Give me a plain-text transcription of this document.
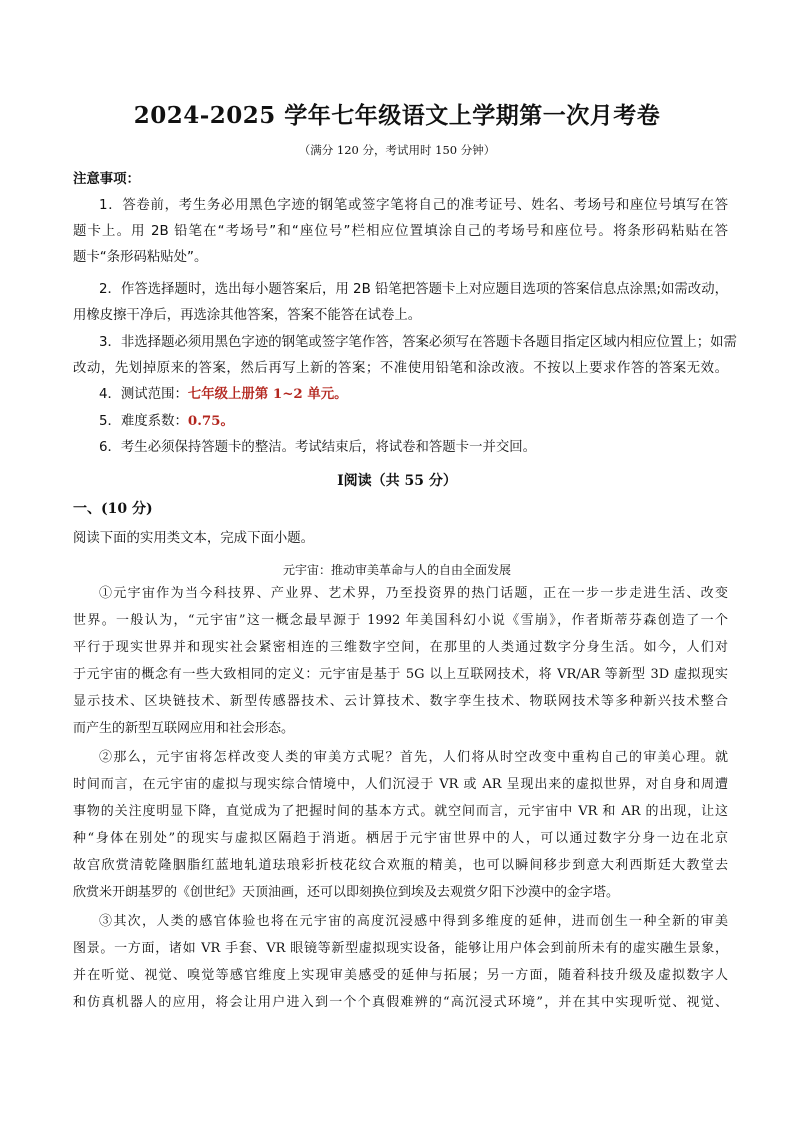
2024-2025 学年七年级语文上学期第一次月考卷
（满分 120 分，考试用时 150 分钟）
注意事项：
1．答卷前，考生务必用黑色字迹的钢笔或签字笔将自己的准考证号、姓名、考场号和座位号填写在答
题卡上。用 2B 铅笔在“考场号”和“座位号”栏相应位置填涂自己的考场号和座位号。将条形码粘贴在答
题卡“条形码粘贴处”。
2．作答选择题时，选出每小题答案后，用 2B 铅笔把答题卡上对应题目选项的答案信息点涂黑;如需改动，
用橡皮擦干净后，再选涂其他答案，答案不能答在试卷上。
3．非选择题必须用黑色字迹的钢笔或签字笔作答，答案必须写在答题卡各题目指定区域内相应位置上；如需
改动，先划掉原来的答案，然后再写上新的答案；不准使用铅笔和涂改液。不按以上要求作答的答案无效。
4．测试范围：七年级上册第 1~2 单元。
5．难度系数：0.75。
6．考生必须保持答题卡的整洁。考试结束后，将试卷和答题卡一并交回。
Ⅰ阅读（共 55 分）
一、(10 分)
阅读下面的实用类文本，完成下面小题。
元宇宙：推动审美革命与人的自由全面发展
①元宇宙作为当今科技界、产业界、艺术界，乃至投资界的热门话题，正在一步一步走进生活、改变
世界。一般认为，“元宇宙”这一概念最早源于 1992 年美国科幻小说《雪崩》，作者斯蒂芬森创造了一个
平行于现实世界并和现实社会紧密相连的三维数字空间，在那里的人类通过数字分身生活。如今，人们对
于元宇宙的概念有一些大致相同的定义：元宇宙是基于 5G 以上互联网技术，将 VR/AR 等新型 3D 虚拟现实
显示技术、区块链技术、新型传感器技术、云计算技术、数字孪生技术、物联网技术等多种新兴技术整合
而产生的新型互联网应用和社会形态。
②那么，元宇宙将怎样改变人类的审美方式呢？首先，人们将从时空改变中重构自己的审美心理。就
时间而言，在元宇宙的虚拟与现实综合情境中，人们沉浸于 VR 或 AR 呈现出来的虚拟世界，对自身和周遭
事物的关注度明显下降，直觉成为了把握时间的基本方式。就空间而言，元宇宙中 VR 和 AR 的出现，让这
种“身体在别处”的现实与虚拟区隔趋于消逝。栖居于元宇宙世界中的人，可以通过数字分身一边在北京
故宫欣赏清乾隆胭脂红蓝地轧道珐琅彩折枝花纹合欢瓶的精美，也可以瞬间移步到意大利西斯廷大教堂去
欣赏米开朗基罗的《创世纪》天顶油画，还可以即刻换位到埃及去观赏夕阳下沙漠中的金字塔。
③其次，人类的感官体验也将在元宇宙的高度沉浸感中得到多维度的延伸，进而创生一种全新的审美
图景。一方面，诸如 VR 手套、VR 眼镜等新型虚拟现实设备，能够让用户体会到前所未有的虚实融生景象，
并在听觉、视觉、嗅觉等感官维度上实现审美感受的延伸与拓展；另一方面，随着科技升级及虚拟数字人
和仿真机器人的应用，将会让用户进入到一个个真假难辨的“高沉浸式环境”，并在其中实现听觉、视觉、
